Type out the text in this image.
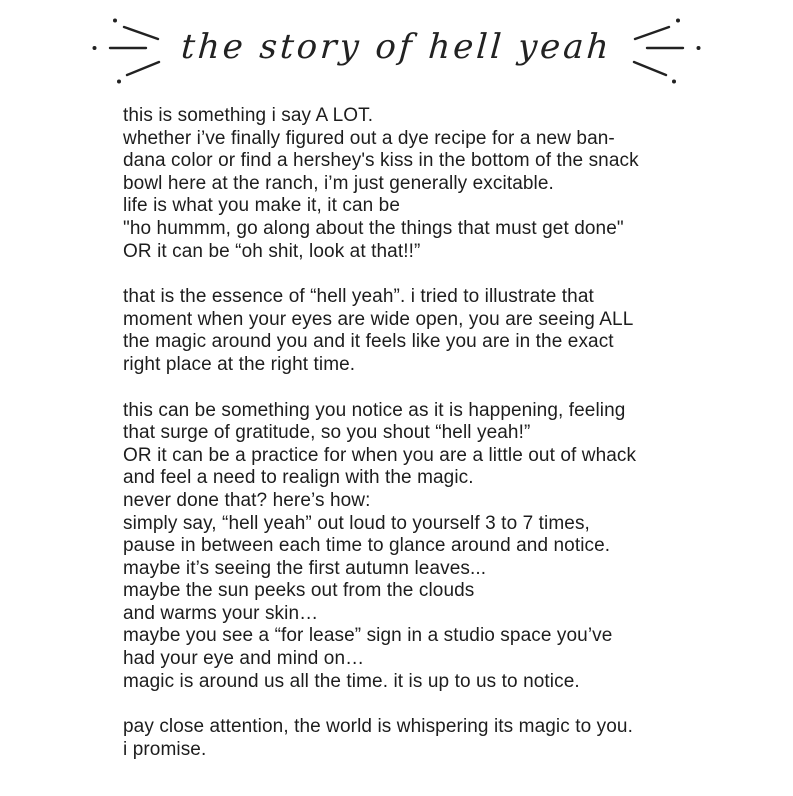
the story of hell yeah

this is something i say A LOT.
whether i’ve finally figured out a dye recipe for a new ban-
dana color or find a hershey's kiss in the bottom of the snack
bowl here at the ranch, i’m just generally excitable.
life is what you make it, it can be
"ho hummm, go along about the things that must get done"
OR it can be “oh shit, look at that!!”

that is the essence of “hell yeah”. i tried to illustrate that
moment when your eyes are wide open, you are seeing ALL
the magic around you and it feels like you are in the exact
right place at the right time.

this can be something you notice as it is happening, feeling
that surge of gratitude, so you shout “hell yeah!”
OR it can be a practice for when you are a little out of whack
and feel a need to realign with the magic.
never done that? here’s how:
simply say, “hell yeah” out loud to yourself 3 to 7 times,
pause in between each time to glance around and notice.
maybe it’s seeing the first autumn leaves...
maybe the sun peeks out from the clouds
and warms your skin…
maybe you see a “for lease” sign in a studio space you’ve
had your eye and mind on…
magic is around us all the time. it is up to us to notice.

pay close attention, the world is whispering its magic to you.
i promise.
